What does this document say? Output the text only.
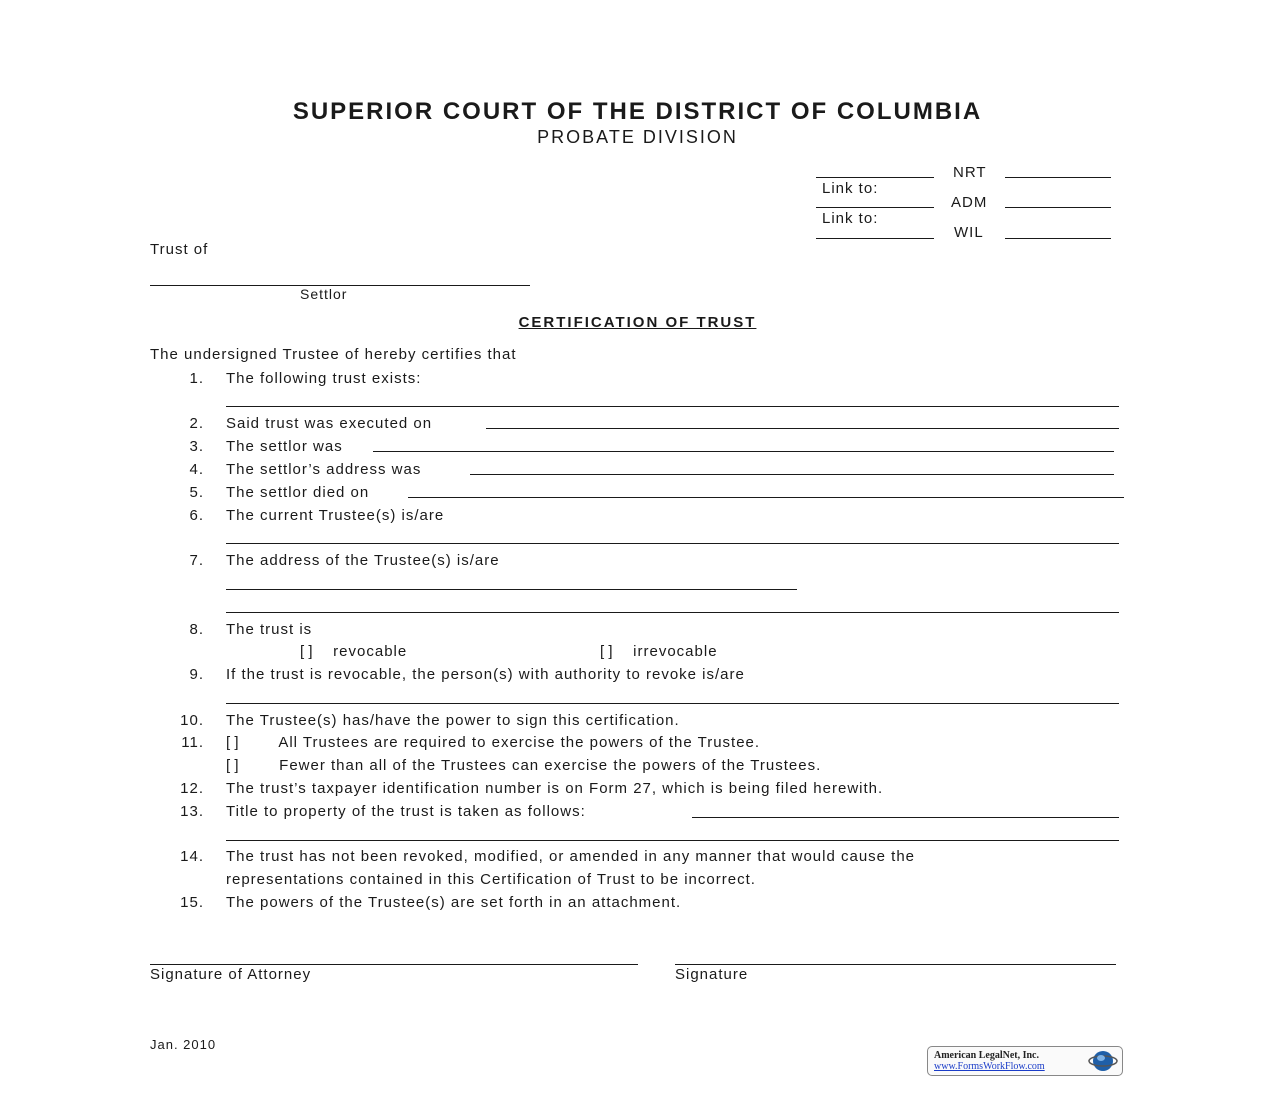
SUPERIOR COURT OF THE DISTRICT OF COLUMBIA
PROBATE DIVISION
NRT
Link to:
ADM
Link to:
WIL
Trust of
Settlor
CERTIFICATION OF TRUST
The undersigned Trustee of hereby certifies that
1. The following trust exists:
2. Said trust was executed on
3. The settlor was
4. The settlor’s address was
5. The settlor died on
6. The current Trustee(s) is/are
7. The address of the Trustee(s) is/are
8. The trust is
[ ] revocable	[ ] irrevocable
9. If the trust is revocable, the person(s) with authority to revoke is/are
10. The Trustee(s) has/have the power to sign this certification.
11. [ ]	All Trustees are required to exercise the powers of the Trustee.
[ ]	Fewer than all of the Trustees can exercise the powers of the Trustees.
12. The trust’s taxpayer identification number is on Form 27, which is being filed herewith.
13. Title to property of the trust is taken as follows:
14. The trust has not been revoked, modified, or amended in any manner that would cause the
representations contained in this Certification of Trust to be incorrect.
15. The powers of the Trustee(s) are set forth in an attachment.
Signature of Attorney	Signature
Jan. 2010
American LegalNet, Inc.
www.FormsWorkFlow.com
